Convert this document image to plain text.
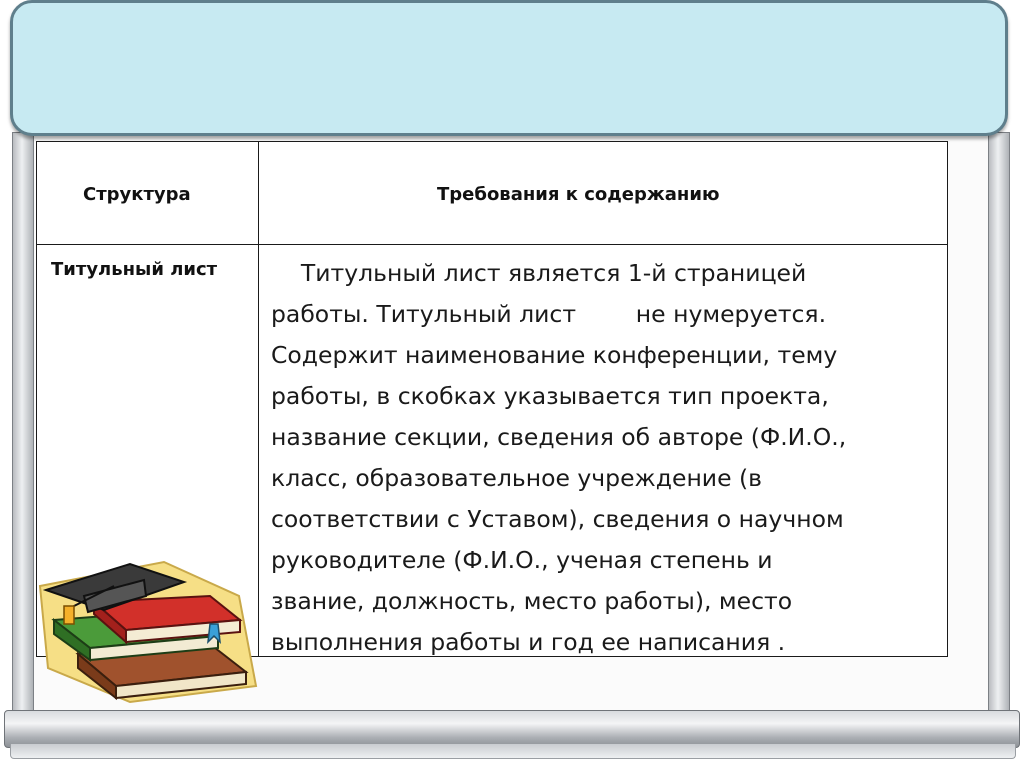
Структура	Требования к содержанию
Титульный лист Титульный лист является 1-й страницей
работы. Титульный лист        не нумеруется.
Содержит наименование конференции, тему
работы, в скобках указывается тип проекта,
название секции, сведения об авторе (Ф.И.О.,
класс, образовательное учреждение (в
соответствии с Уставом), сведения о научном
руководителе (Ф.И.О., ученая степень и
звание, должность, место работы), место
выполнения работы и год ее написания .
